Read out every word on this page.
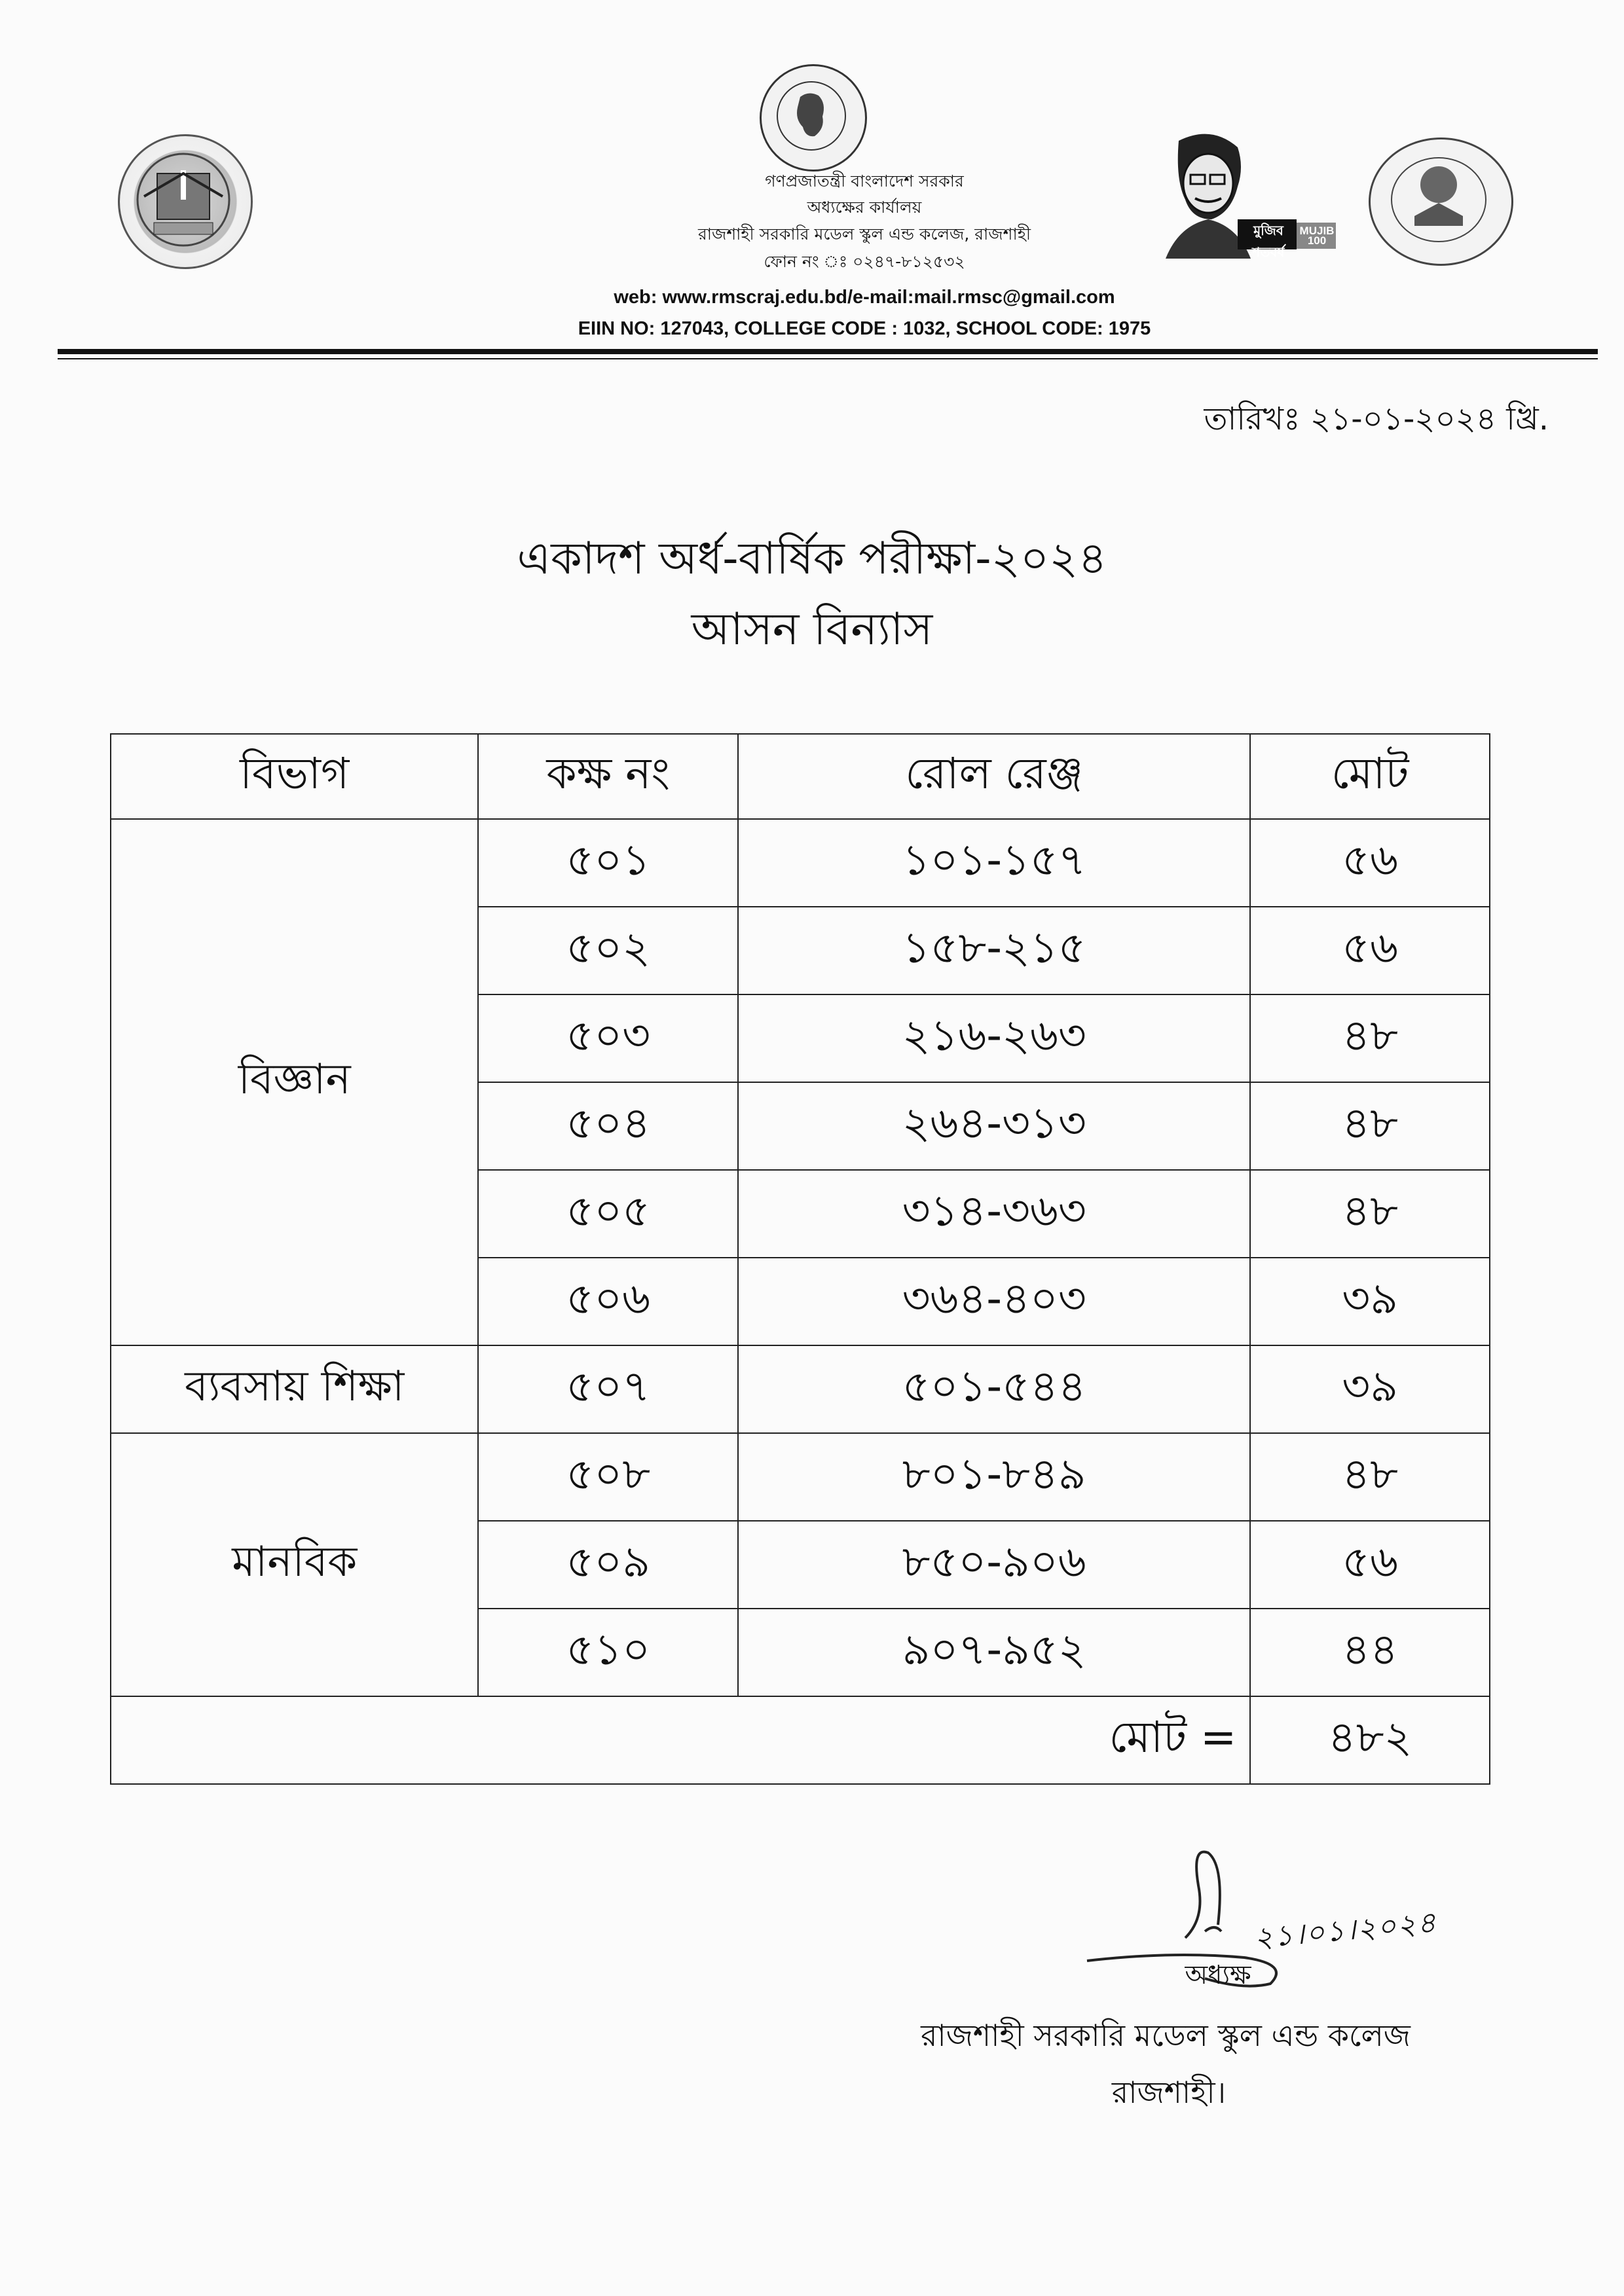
মুজিব শতবর্ষ
MUJIB 100
গণপ্রজাতন্ত্রী বাংলাদেশ সরকার
অধ্যক্ষের কার্যালয়
রাজশাহী সরকারি মডেল স্কুল এন্ড কলেজ, রাজশাহী
ফোন নং ঃ ০২৪৭-৮১২৫৩২
web: www.rmscraj.edu.bd/e-mail:mail.rmsc@gmail.com
EIIN NO: 127043, COLLEGE CODE : 1032, SCHOOL CODE: 1975
তারিখঃ ২১-০১-২০২৪ খ্রি.
একাদশ অর্ধ-বার্ষিক পরীক্ষা-২০২৪
আসন বিন্যাস
বিভাগ	কক্ষ নং	রোল রেঞ্জ	মোট
বিজ্ঞান	৫০১	১০১-১৫৭	৫৬
	৫০২	১৫৮-২১৫	৫৬
	৫০৩	২১৬-২৬৩	৪৮
	৫০৪	২৬৪-৩১৩	৪৮
	৫০৫	৩১৪-৩৬৩	৪৮
	৫০৬	৩৬৪-৪০৩	৩৯
ব্যবসায় শিক্ষা	৫০৭	৫০১-৫৪৪	৩৯
মানবিক	৫০৮	৮০১-৮৪৯	৪৮
	৫০৯	৮৫০-৯০৬	৫৬
	৫১০	৯০৭-৯৫২	৪৪
মোট =			৪৮২
২১।০১।২০২৪
অধ্যক্ষ
রাজশাহী সরকারি মডেল স্কুল এন্ড কলেজ
রাজশাহী।
